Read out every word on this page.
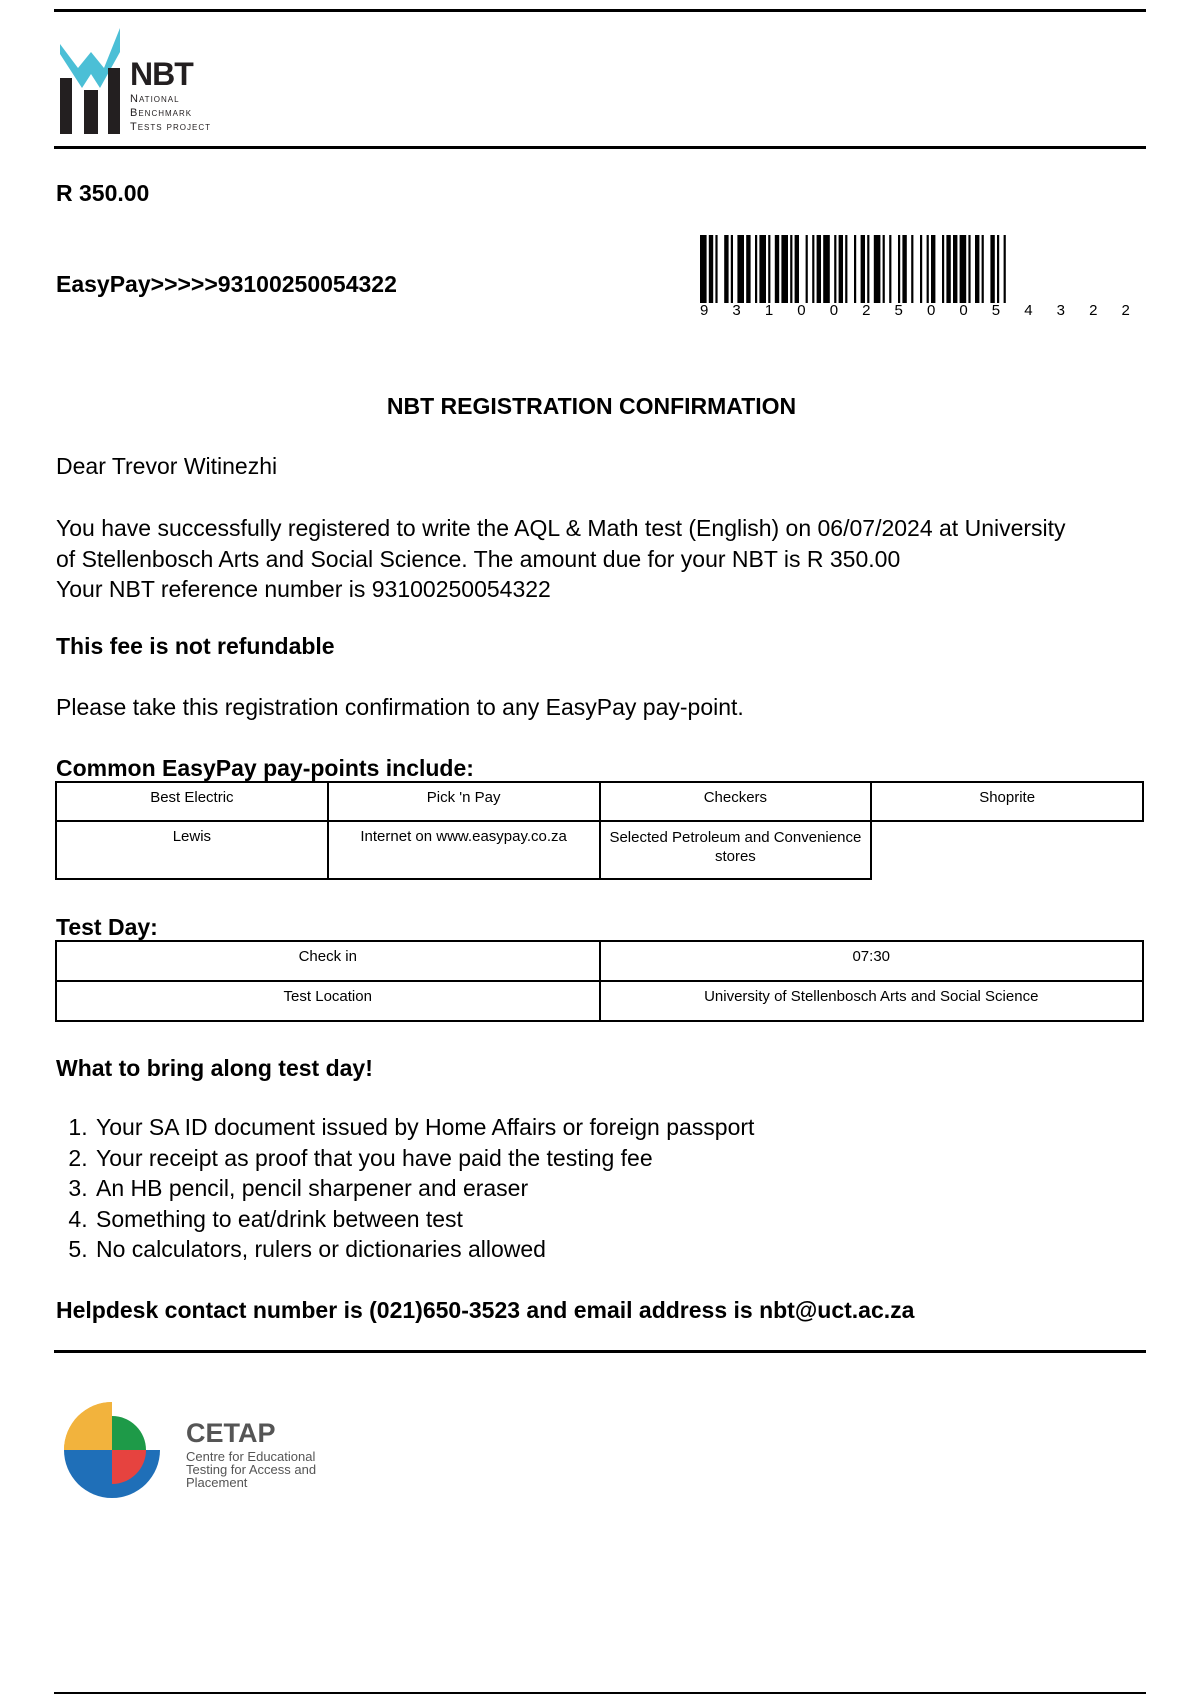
NBT
National
Benchmark
Tests project
R 350.00
EasyPay>>>>>93100250054322
9 3 1 0 0 2 5 0 0 5 4 3 2 2
NBT REGISTRATION CONFIRMATION
Dear Trevor Witinezhi
You have successfully registered to write the AQL & Math test (English) on 06/07/2024 at University
of Stellenbosch Arts and Social Science. The amount due for your NBT is R 350.00
Your NBT reference number is 93100250054322
This fee is not refundable
Please take this registration confirmation to any EasyPay pay-point.
Common EasyPay pay-points include:
Best Electric	Pick 'n Pay	Checkers	Shoprite
Lewis	Internet on www.easypay.co.za	Selected Petroleum and Convenience stores	
Test Day:
Check in	07:30
Test Location	University of Stellenbosch Arts and Social Science
What to bring along test day!
1. Your SA ID document issued by Home Affairs or foreign passport
2. Your receipt as proof that you have paid the testing fee
3. An HB pencil, pencil sharpener and eraser
4. Something to eat/drink between test
5. No calculators, rulers or dictionaries allowed
Helpdesk contact number is (021)650-3523 and email address is nbt@uct.ac.za
CETAP
Centre for Educational
Testing for Access and
Placement
